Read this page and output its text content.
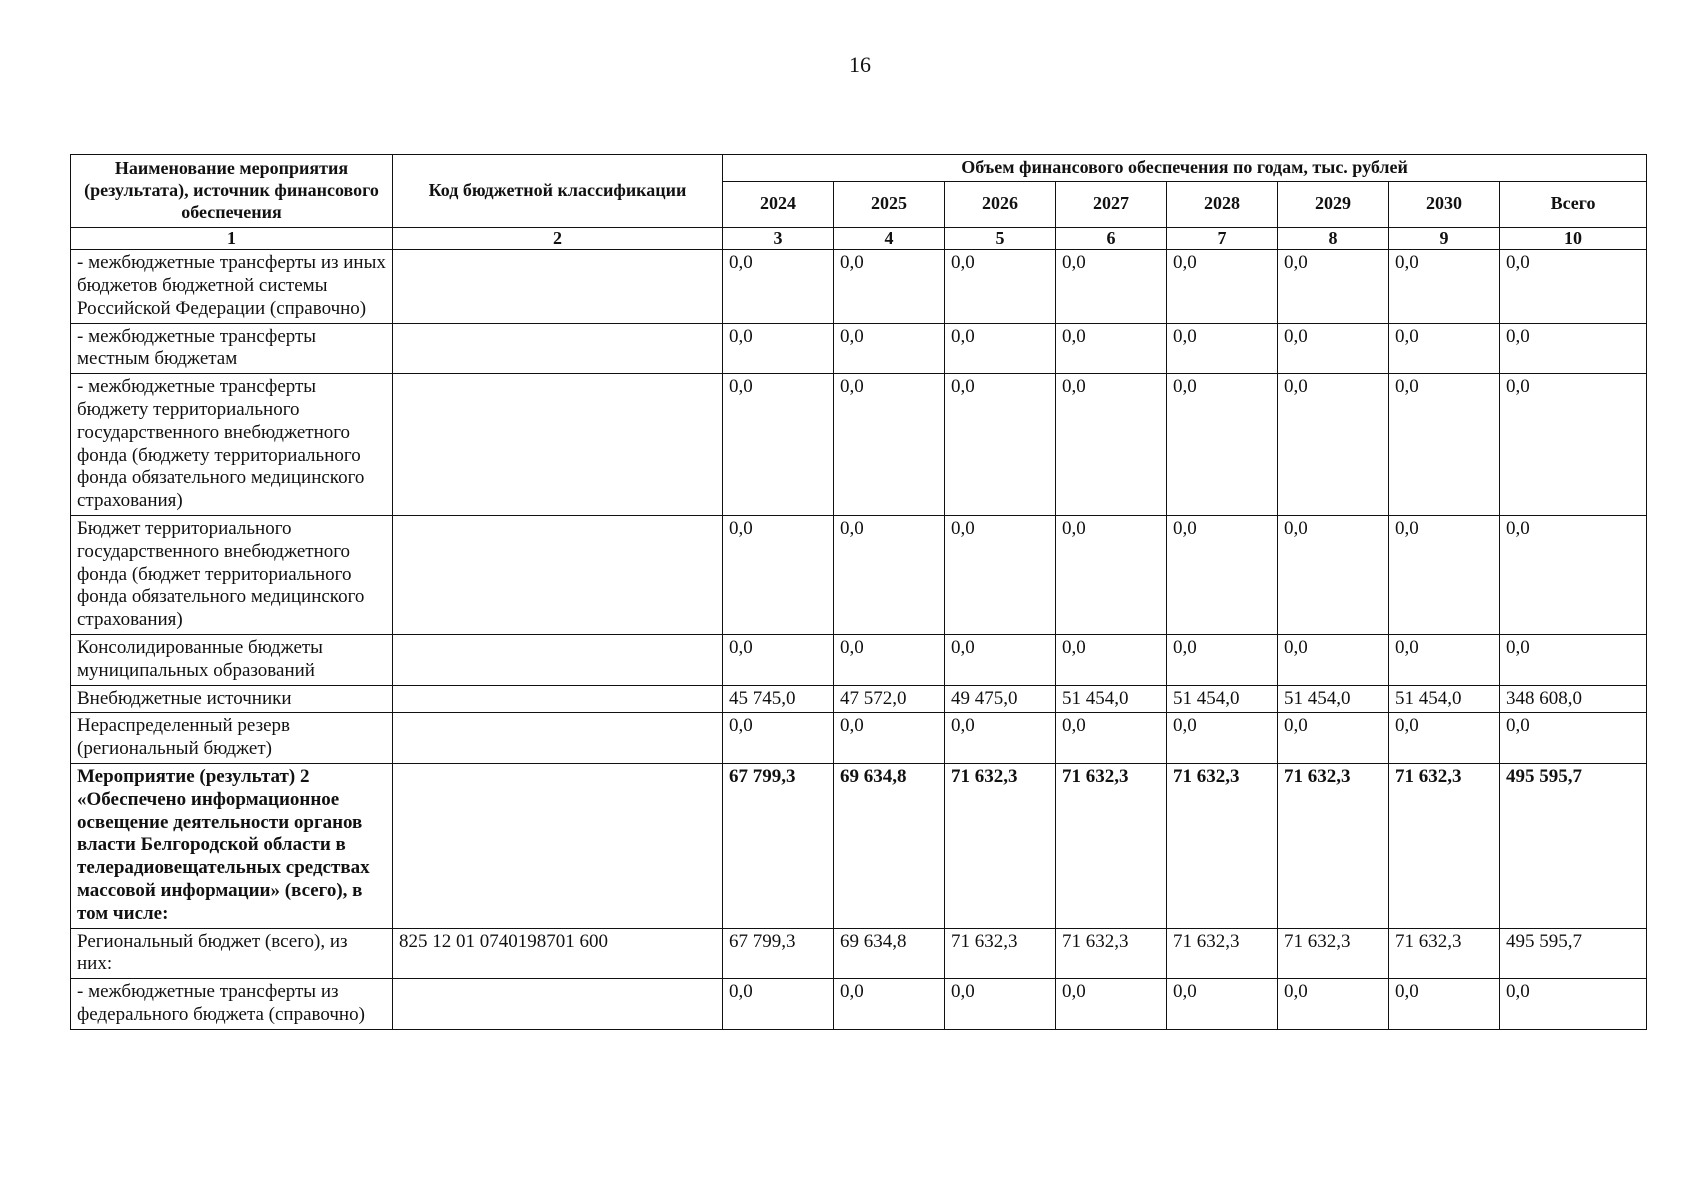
16
Наименование мероприятия (результата), источник финансового обеспечения	Код бюджетной классификации	Объем финансового обеспечения по годам, тыс. рублей							
		2024	2025	2026	2027	2028	2029	2030	Всего
1	2	3	4	5	6	7	8	9	10
- межбюджетные трансферты из иных бюджетов бюджетной системы Российской Федерации (справочно)		0,0	0,0	0,0	0,0	0,0	0,0	0,0	0,0
- межбюджетные трансферты местным бюджетам		0,0	0,0	0,0	0,0	0,0	0,0	0,0	0,0
- межбюджетные трансферты бюджету территориального государственного внебюджетного фонда (бюджету территориального фонда обязательного медицинского страхования)		0,0	0,0	0,0	0,0	0,0	0,0	0,0	0,0
Бюджет территориального государственного внебюджетного фонда (бюджет территориального фонда обязательного медицинского страхования)		0,0	0,0	0,0	0,0	0,0	0,0	0,0	0,0
Консолидированные бюджеты муниципальных образований		0,0	0,0	0,0	0,0	0,0	0,0	0,0	0,0
Внебюджетные источники		45 745,0	47 572,0	49 475,0	51 454,0	51 454,0	51 454,0	51 454,0	348 608,0
Нераспределенный резерв (региональный бюджет)		0,0	0,0	0,0	0,0	0,0	0,0	0,0	0,0
Мероприятие (результат) 2 «Обеспечено информационное освещение деятельности органов власти Белгородской области в телерадиовещательных средствах массовой информации» (всего), в том числе:		67 799,3	69 634,8	71 632,3	71 632,3	71 632,3	71 632,3	71 632,3	495 595,7
Региональный бюджет (всего), из них:	825 12 01 0740198701 600	67 799,3	69 634,8	71 632,3	71 632,3	71 632,3	71 632,3	71 632,3	495 595,7
- межбюджетные трансферты из федерального бюджета (справочно)		0,0	0,0	0,0	0,0	0,0	0,0	0,0	0,0
